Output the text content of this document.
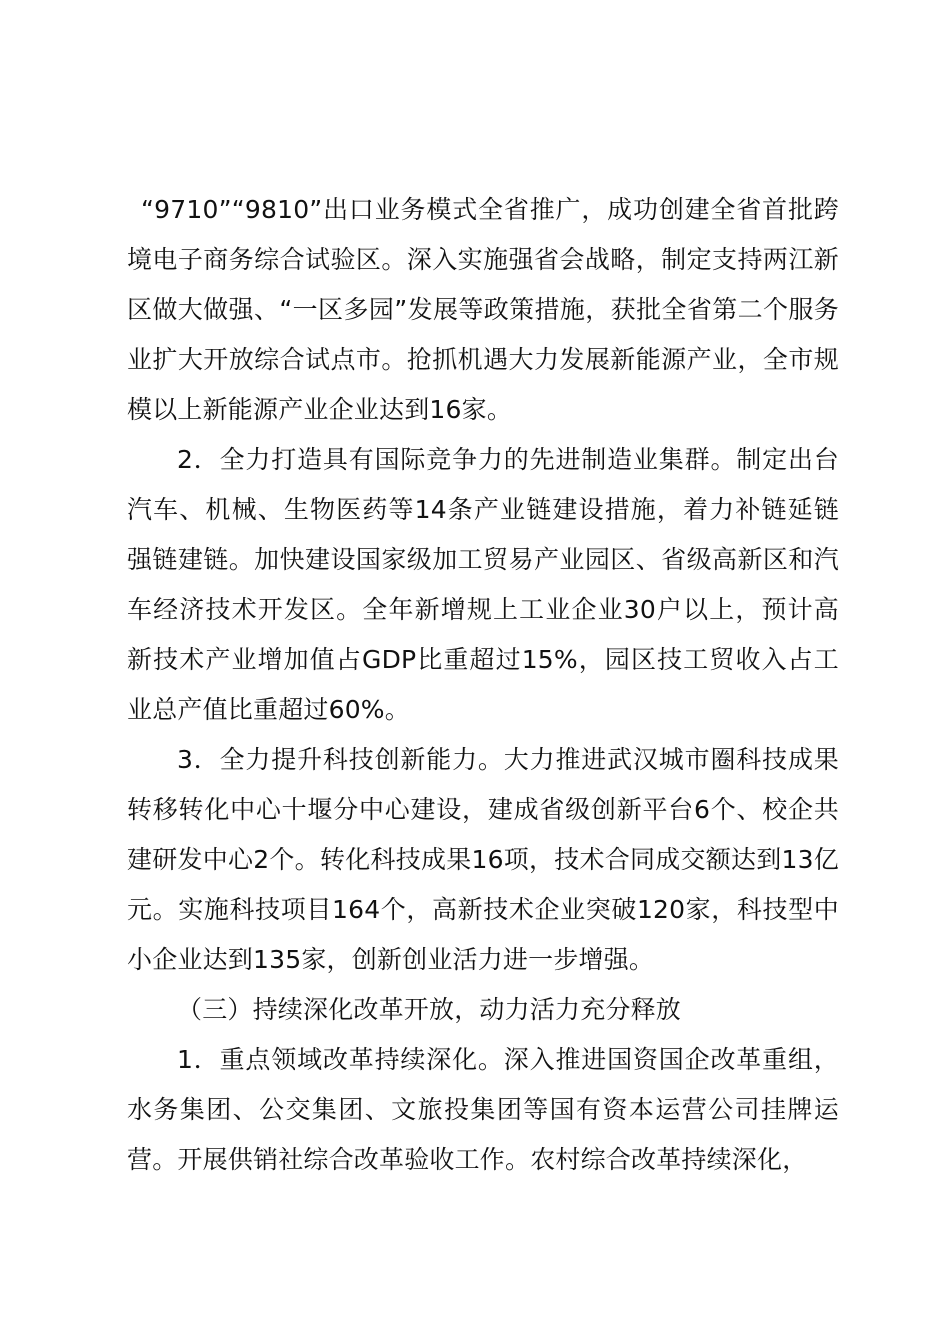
“9710”“9810”出口业务模式全省推广，成功创建全省首批跨境电子商务综合试验区。深入实施强省会战略，制定支持两江新区做大做强、“一区多园”发展等政策措施，获批全省第二个服务业扩大开放综合试点市。抢抓机遇大力发展新能源产业，全市规模以上新能源产业企业达到16家。

2．全力打造具有国际竞争力的先进制造业集群。制定出台汽车、机械、生物医药等14条产业链建设措施，着力补链延链强链建链。加快建设国家级加工贸易产业园区、省级高新区和汽车经济技术开发区。全年新增规上工业企业30户以上，预计高新技术产业增加值占GDP比重超过15%，园区技工贸收入占工业总产值比重超过60%。

3．全力提升科技创新能力。大力推进武汉城市圈科技成果转移转化中心十堰分中心建设，建成省级创新平台6个、校企共建研发中心2个。转化科技成果16项，技术合同成交额达到13亿元。实施科技项目164个，高新技术企业突破120家，科技型中小企业达到135家，创新创业活力进一步增强。

（三）持续深化改革开放，动力活力充分释放

1．重点领域改革持续深化。深入推进国资国企改革重组，水务集团、公交集团、文旅投集团等国有资本运营公司挂牌运营。开展供销社综合改革验收工作。农村综合改革持续深化，
